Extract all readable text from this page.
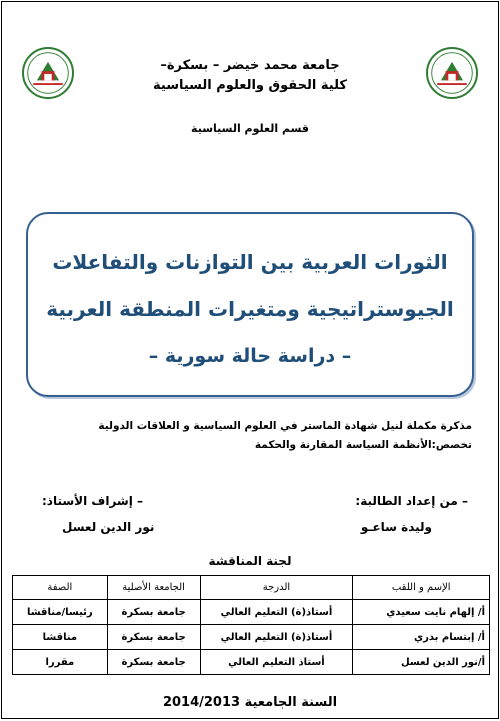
جامعة محمد خيضر – بسكرة–
كلية الحقوق والعلوم السياسية
قسم العلوم السياسية
الثورات العربية بين التوازنات والتفاعلات
الجيوستراتيجية ومتغيرات المنطقة العربية
– دراسة حالة سورية –
مذكرة مكملة لنيل شهادة الماستر في العلوم السياسية و العلاقات الدولية
تخصص:الأنظمة السياسة المقارنة والحكمة
– من إعداد الطالبة:
وليدة ساعـو
– إشراف الأستاذ:
نور الدين لعسل
لجنة المناقشة
الإسم و اللقب	الدرجة	الجامعة الأصلية	الصفة
أ/ إلهام نايت سعيدي	أستاذ(ة) التعليم العالي	جامعة بسكرة	رئيسا/مناقشا
أ/ إبتسام بدري	أستاذ(ة) التعليم العالي	جامعة بسكرة	مناقشا
أ/نور الدين لعسل	أستاذ التعليم العالي	جامعة بسكرة	مقررا
السنة الجامعية 2014/2013
